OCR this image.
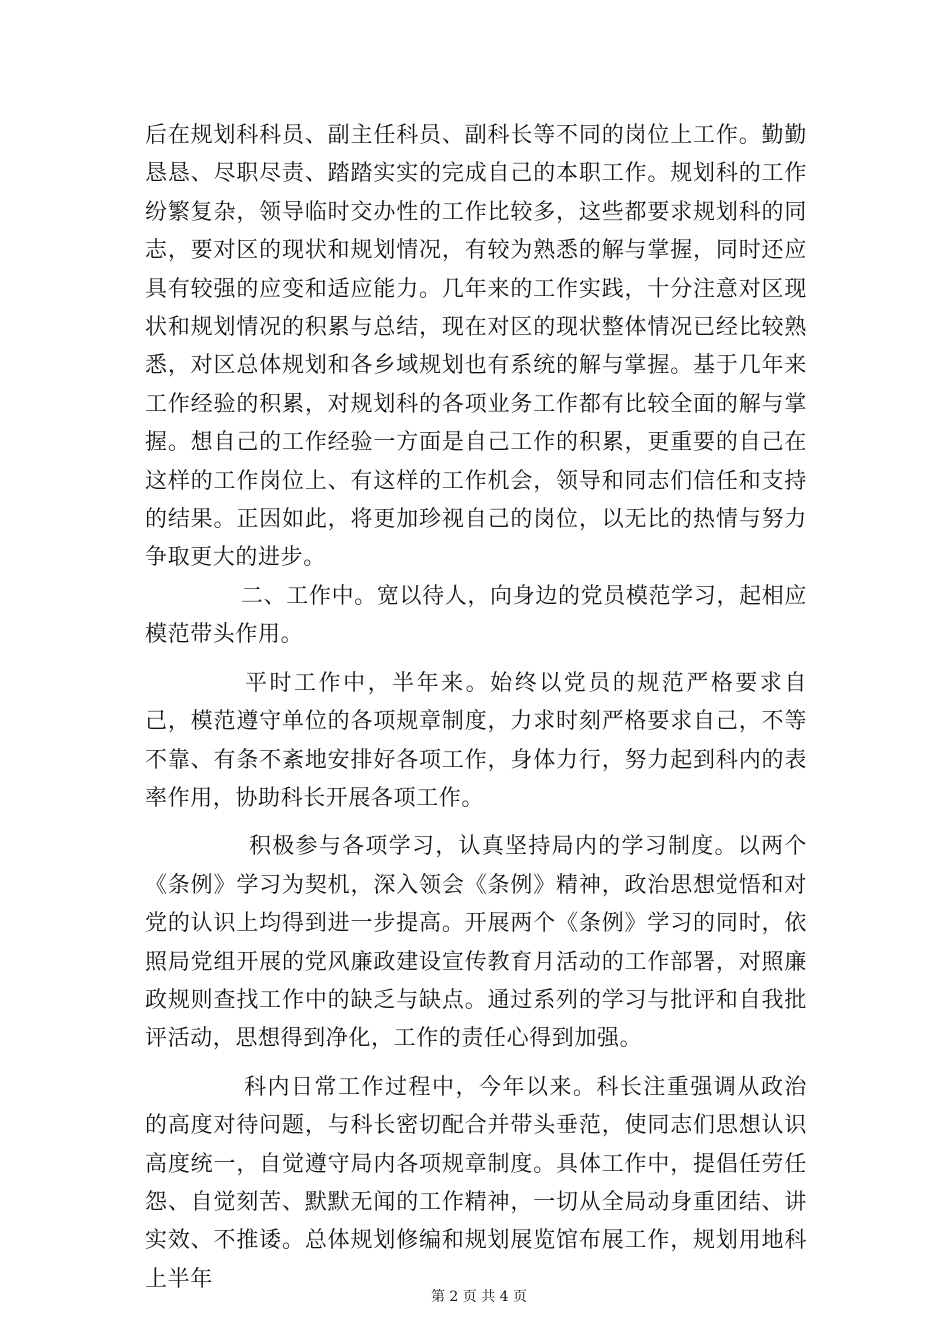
后在规划科科员、副主任科员、副科长等不同的岗位上工作。勤勤恳恳、尽职尽责、踏踏实实的完成自己的本职工作。规划科的工作纷繁复杂，领导临时交办性的工作比较多，这些都要求规划科的同志，要对区的现状和规划情况，有较为熟悉的解与掌握，同时还应具有较强的应变和适应能力。几年来的工作实践，十分注意对区现状和规划情况的积累与总结，现在对区的现状整体情况已经比较熟悉，对区总体规划和各乡域规划也有系统的解与掌握。基于几年来工作经验的积累，对规划科的各项业务工作都有比较全面的解与掌握。想自己的工作经验一方面是自己工作的积累，更重要的自己在这样的工作岗位上、有这样的工作机会，领导和同志们信任和支持的结果。正因如此，将更加珍视自己的岗位，以无比的热情与努力争取更大的进步。

二、工作中。宽以待人，向身边的党员模范学习，起相应模范带头作用。

平时工作中，半年来。始终以党员的规范严格要求自己，模范遵守单位的各项规章制度，力求时刻严格要求自己，不等不靠、有条不紊地安排好各项工作，身体力行，努力起到科内的表率作用，协助科长开展各项工作。

积极参与各项学习，认真坚持局内的学习制度。以两个《条例》学习为契机，深入领会《条例》精神，政治思想觉悟和对党的认识上均得到进一步提高。开展两个《条例》学习的同时，依照局党组开展的党风廉政建设宣传教育月活动的工作部署，对照廉政规则查找工作中的缺乏与缺点。通过系列的学习与批评和自我批评活动，思想得到净化，工作的责任心得到加强。

科内日常工作过程中，今年以来。科长注重强调从政治的高度对待问题，与科长密切配合并带头垂范，使同志们思想认识高度统一，自觉遵守局内各项规章制度。具体工作中，提倡任劳任怨、自觉刻苦、默默无闻的工作精神，一切从全局动身重团结、讲实效、不推诿。总体规划修编和规划展览馆布展工作，规划用地科上半年

第 2 页 共 4 页
